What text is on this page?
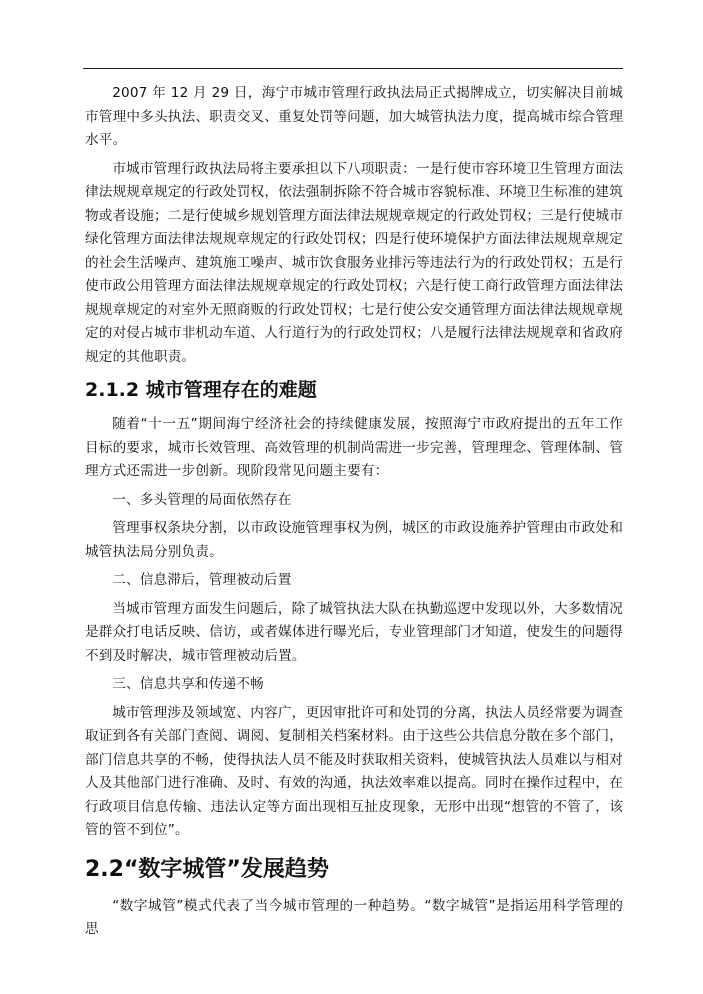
2007 年 12 月 29 日，海宁市城市管理行政执法局正式揭牌成立，切实解决目前城市管理中多头执法、职责交叉、重复处罚等问题，加大城管执法力度，提高城市综合管理水平。

市城市管理行政执法局将主要承担以下八项职责：一是行使市容环境卫生管理方面法律法规规章规定的行政处罚权，依法强制拆除不符合城市容貌标准、环境卫生标准的建筑物或者设施；二是行使城乡规划管理方面法律法规规章规定的行政处罚权；三是行使城市绿化管理方面法律法规规章规定的行政处罚权；四是行使环境保护方面法律法规规章规定的社会生活噪声、建筑施工噪声、城市饮食服务业排污等违法行为的行政处罚权；五是行使市政公用管理方面法律法规规章规定的行政处罚权；六是行使工商行政管理方面法律法规规章规定的对室外无照商贩的行政处罚权；七是行使公安交通管理方面法律法规规章规定的对侵占城市非机动车道、人行道行为的行政处罚权；八是履行法律法规规章和省政府规定的其他职责。

2.1.2 城市管理存在的难题

随着“十一五”期间海宁经济社会的持续健康发展，按照海宁市政府提出的五年工作目标的要求，城市长效管理、高效管理的机制尚需进一步完善，管理理念、管理体制、管理方式还需进一步创新。现阶段常见问题主要有：

一、多头管理的局面依然存在

管理事权条块分割，以市政设施管理事权为例，城区的市政设施养护管理由市政处和城管执法局分别负责。

二、信息滞后，管理被动后置

当城市管理方面发生问题后，除了城管执法大队在执勤巡逻中发现以外，大多数情况是群众打电话反映、信访，或者媒体进行曝光后，专业管理部门才知道，使发生的问题得不到及时解决，城市管理被动后置。

三、信息共享和传递不畅

城市管理涉及领域宽、内容广，更因审批许可和处罚的分离，执法人员经常要为调查取证到各有关部门查阅、调阅、复制相关档案材料。由于这些公共信息分散在多个部门，部门信息共享的不畅，使得执法人员不能及时获取相关资料，使城管执法人员难以与相对人及其他部门进行准确、及时、有效的沟通，执法效率难以提高。同时在操作过程中，在行政项目信息传输、违法认定等方面出现相互扯皮现象，无形中出现“想管的不管了，该管的管不到位”。

2.2“数字城管”发展趋势

“数字城管”模式代表了当今城市管理的一种趋势。“数字城管”是指运用科学管理的思
